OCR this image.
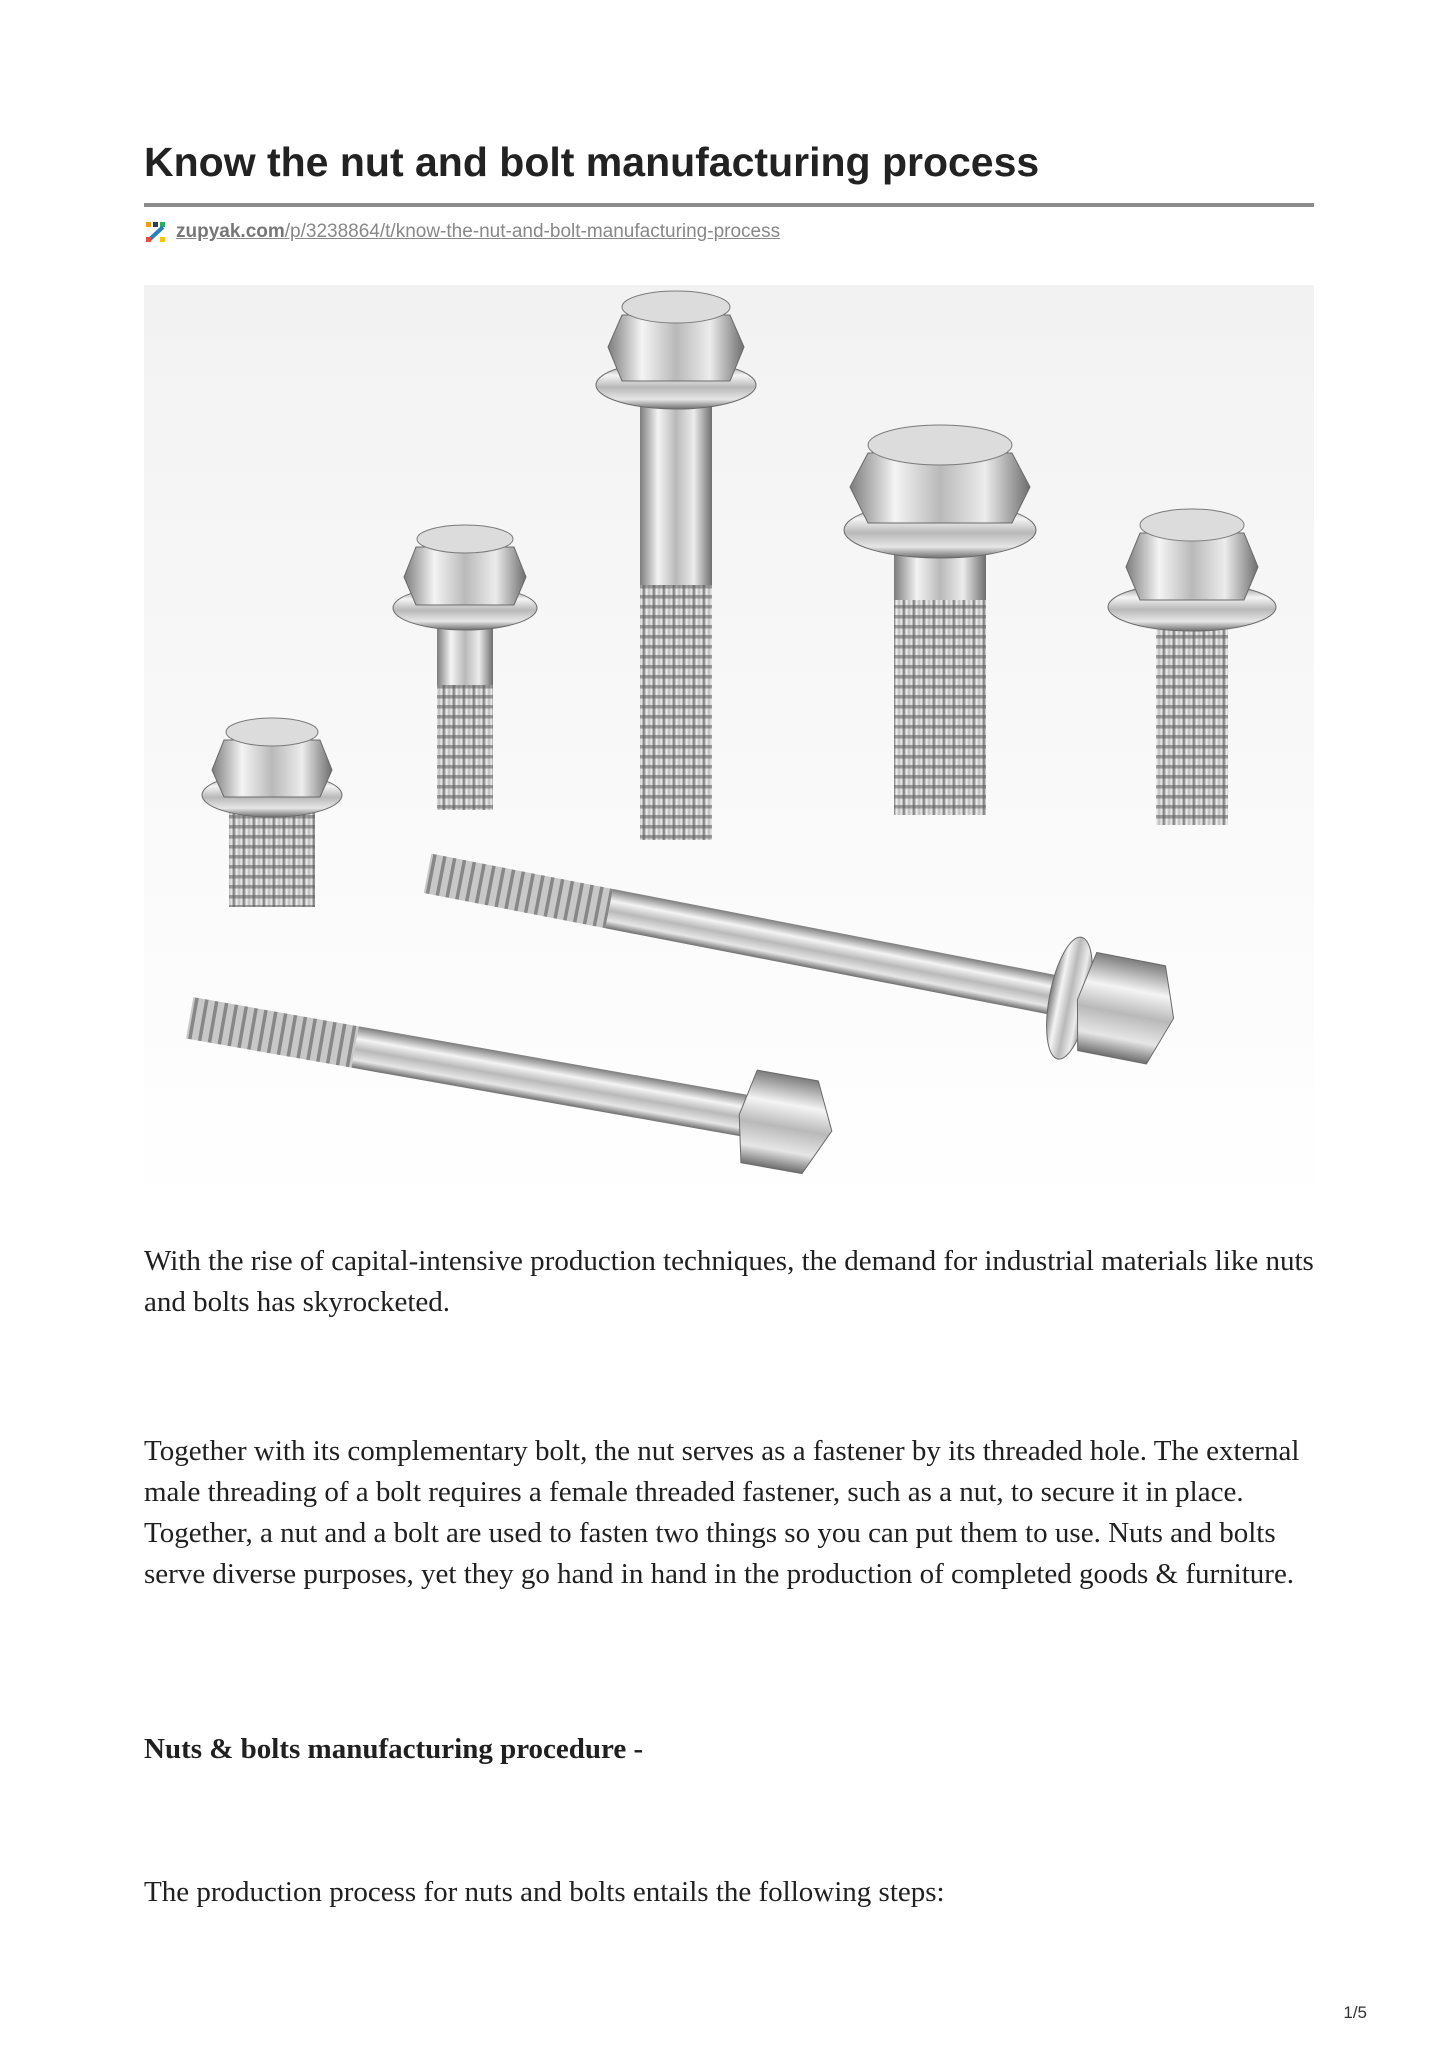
Know the nut and bolt manufacturing process
zupyak.com/p/3238864/t/know-the-nut-and-bolt-manufacturing-process

With the rise of capital-intensive production techniques, the demand for industrial materials like nuts and bolts has skyrocketed.

Together with its complementary bolt, the nut serves as a fastener by its threaded hole. The external male threading of a bolt requires a female threaded fastener, such as a nut, to secure it in place. Together, a nut and a bolt are used to fasten two things so you can put them to use. Nuts and bolts serve diverse purposes, yet they go hand in hand in the production of completed goods & furniture.

Nuts & bolts manufacturing procedure -

The production process for nuts and bolts entails the following steps:

1/5
